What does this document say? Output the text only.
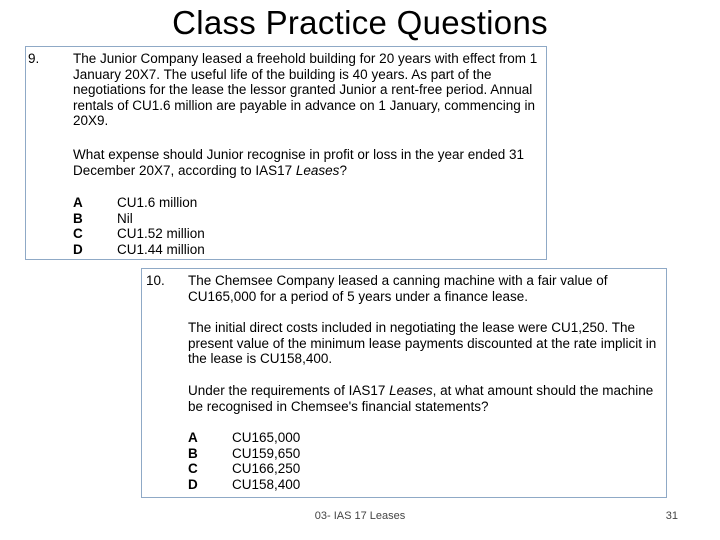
Class Practice Questions
9. The Junior Company leased a freehold building for 20 years with effect from 1 January 20X7. The useful life of the building is 40 years. As part of the negotiations for the lease the lessor granted Junior a rent-free period. Annual rentals of CU1.6 million are payable in advance on 1 January, commencing in 20X9.

What expense should Junior recognise in profit or loss in the year ended 31 December 20X7, according to IAS17 Leases?

A	CU1.6 million
B	Nil
C	CU1.52 million
D	CU1.44 million
10. The Chemsee Company leased a canning machine with a fair value of CU165,000 for a period of 5 years under a finance lease.

The initial direct costs included in negotiating the lease were CU1,250. The present value of the minimum lease payments discounted at the rate implicit in the lease is CU158,400.

Under the requirements of IAS17 Leases, at what amount should the machine be recognised in Chemsee's financial statements?

A	CU165,000
B	CU159,650
C	CU166,250
D	CU158,400
03- IAS 17 Leases	31
